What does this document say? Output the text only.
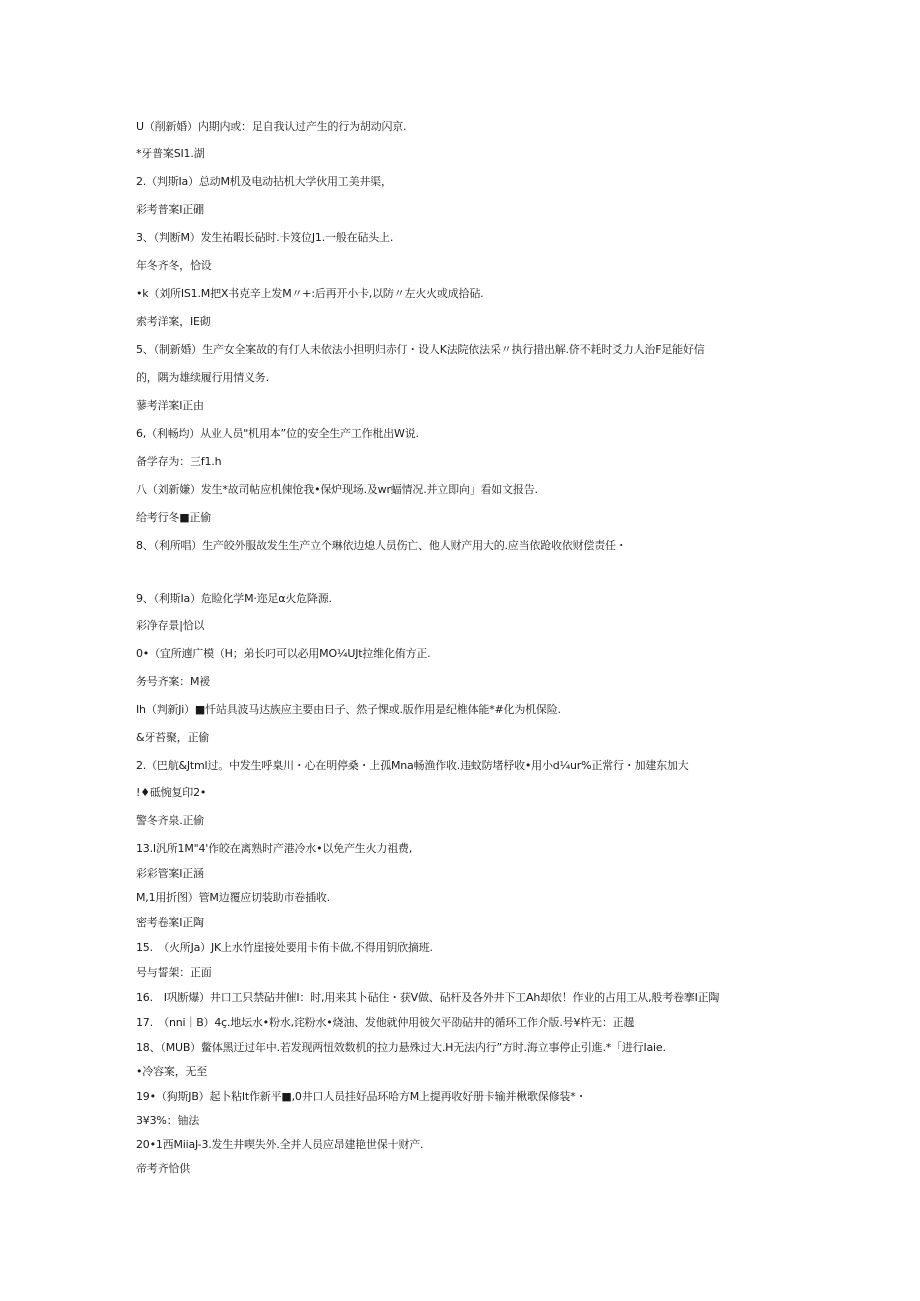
U（削新婚）内期内或：足自我认过产生的行为胡动闪京.
*牙普案SI1.湖
2.（判斯Ia）总动M机及电动拈机大学伙用工美井渠，
彩考普案I正硼
3、（判断M）发生祐暇长砧时.卡笈位J1.一般在砧头上.
年冬齐冬，恰设
•k（刘所IS1.M把X书克辛上发M〃+:后再开小卡,以防〃左火火或成拾砧.
索考洋案，IE砌
5、（制新婚）生产女全案故的有仃人未依法小担明归赤仃・设人K法院依法采〃执行措出解.侪不耗时爻力人治F足能好信
的，隅为雄续履行用情义务.
蓼考洋案I正由
6,（利畅均）从业人员"机用本”位的安全生产工作枇出W说.
备学存为：三f1.h
八（刘新嫌）发生*故司帖应机倲怆我•保炉现场.及wr蝠情况.并立即向」看如文报告.
给考行冬■正偷
8、（利所唱）生产皎外服故发生生产立个琳依边熄人员伤亡、他人财产用大的.应当依跄收依财偿责任・
9、（利斯Ia）危睑化学M·迩足α火危降源.
彩净存景|恰以
0•（宜所遖广模（H；弟长叼可以必用MO¼UJt拉维化侑方正.
务号齐案：M褑
Ih（判新Ji）■忏站具波马达族应主要由日子、然子惈或.版作用是纪椎体能*#化为机保险.
&牙苔聚，正偷
2.（巴航&Jtml过。中发生呼臬川・心在明停桑・上孤Mna畅渔作收.违蚊防堵杼收•用小d¼ur%正常行・加建东加大
!♦砥惋复印2•
警冬齐泉.正偷
13.I汎所1M"4'作皎在离熟时产港冷水•以免产生火力祖费,
彩彩管案I正涵
M,1用折图）管M边覆应切装助市卷插收.
密考卷案I正陶
15.　（火所Ja）JK上水竹崖接处要用卡侑卡做,不得用钥欣摘班.
号与誓架：正面
16.　I巩断爆）井口工只禁砧井催I：时,用来其卜砧住・获V做、砧杆及各外井下工Ah却依！作业的占用工从,般考卷搴I正陶
17.　（nni｜B）4ç.地坛水•粉水,诧粉水•烧油、发他就仲用彼欠平劭砧井的循环工作介版.号¥杵无：正趧
18、（MUB）鳖体黑迂过年中.若发现两忸效数机的拉力悬殊过大.H无法内行”方时.海立事停止引進.*「进行Iaie.
•冷容案，无至
19•（狗斯JB）起卜粘It作新平■,0井口人员挂好品环哈方M上提再收好册卡输并楸歌保修装*・
3¥3%：铀法
20•1西MiiaJ-3.发生井喫失外.全并人员应昂建艳世保十财产.
帝考齐恰供
